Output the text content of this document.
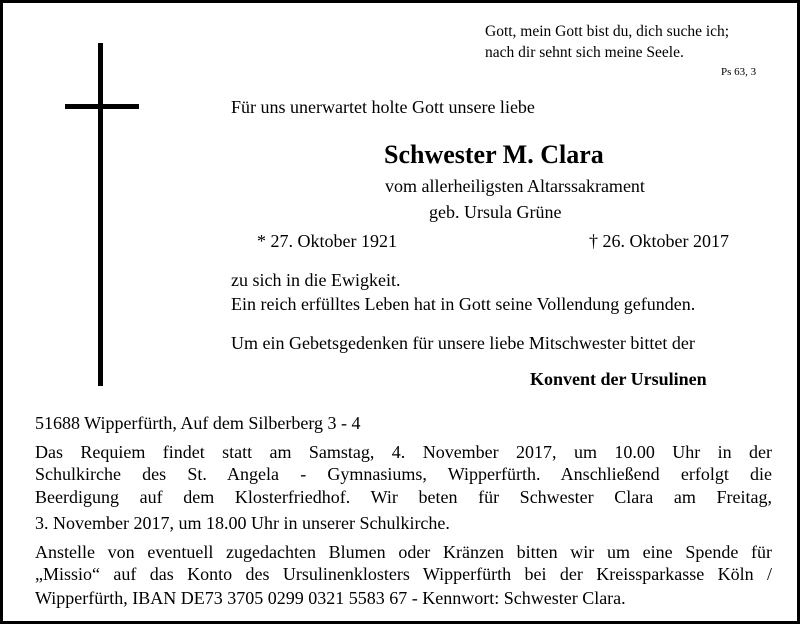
Gott, mein Gott bist du, dich suche ich;
nach dir sehnt sich meine Seele.
Ps 63, 3
Für uns unerwartet holte Gott unsere liebe
Schwester M. Clara
vom allerheiligsten Altarssakrament
geb. Ursula Grüne
* 27. Oktober 1921	† 26. Oktober 2017
zu sich in die Ewigkeit.
Ein reich erfülltes Leben hat in Gott seine Vollendung gefunden.
Um ein Gebetsgedenken für unsere liebe Mitschwester bittet der
Konvent der Ursulinen
51688 Wipperfürth, Auf dem Silberberg 3 - 4
Das Requiem findet statt am Samstag, 4. November 2017, um 10.00 Uhr in der
Schulkirche des St. Angela - Gymnasiums, Wipperfürth. Anschließend erfolgt die
Beerdigung auf dem Klosterfriedhof. Wir beten für Schwester Clara am Freitag,
3. November 2017, um 18.00 Uhr in unserer Schulkirche.
Anstelle von eventuell zugedachten Blumen oder Kränzen bitten wir um eine Spende für
„Missio“ auf das Konto des Ursulinenklosters Wipperfürth bei der Kreissparkasse Köln /
Wipperfürth, IBAN DE73 3705 0299 0321 5583 67 - Kennwort: Schwester Clara.
